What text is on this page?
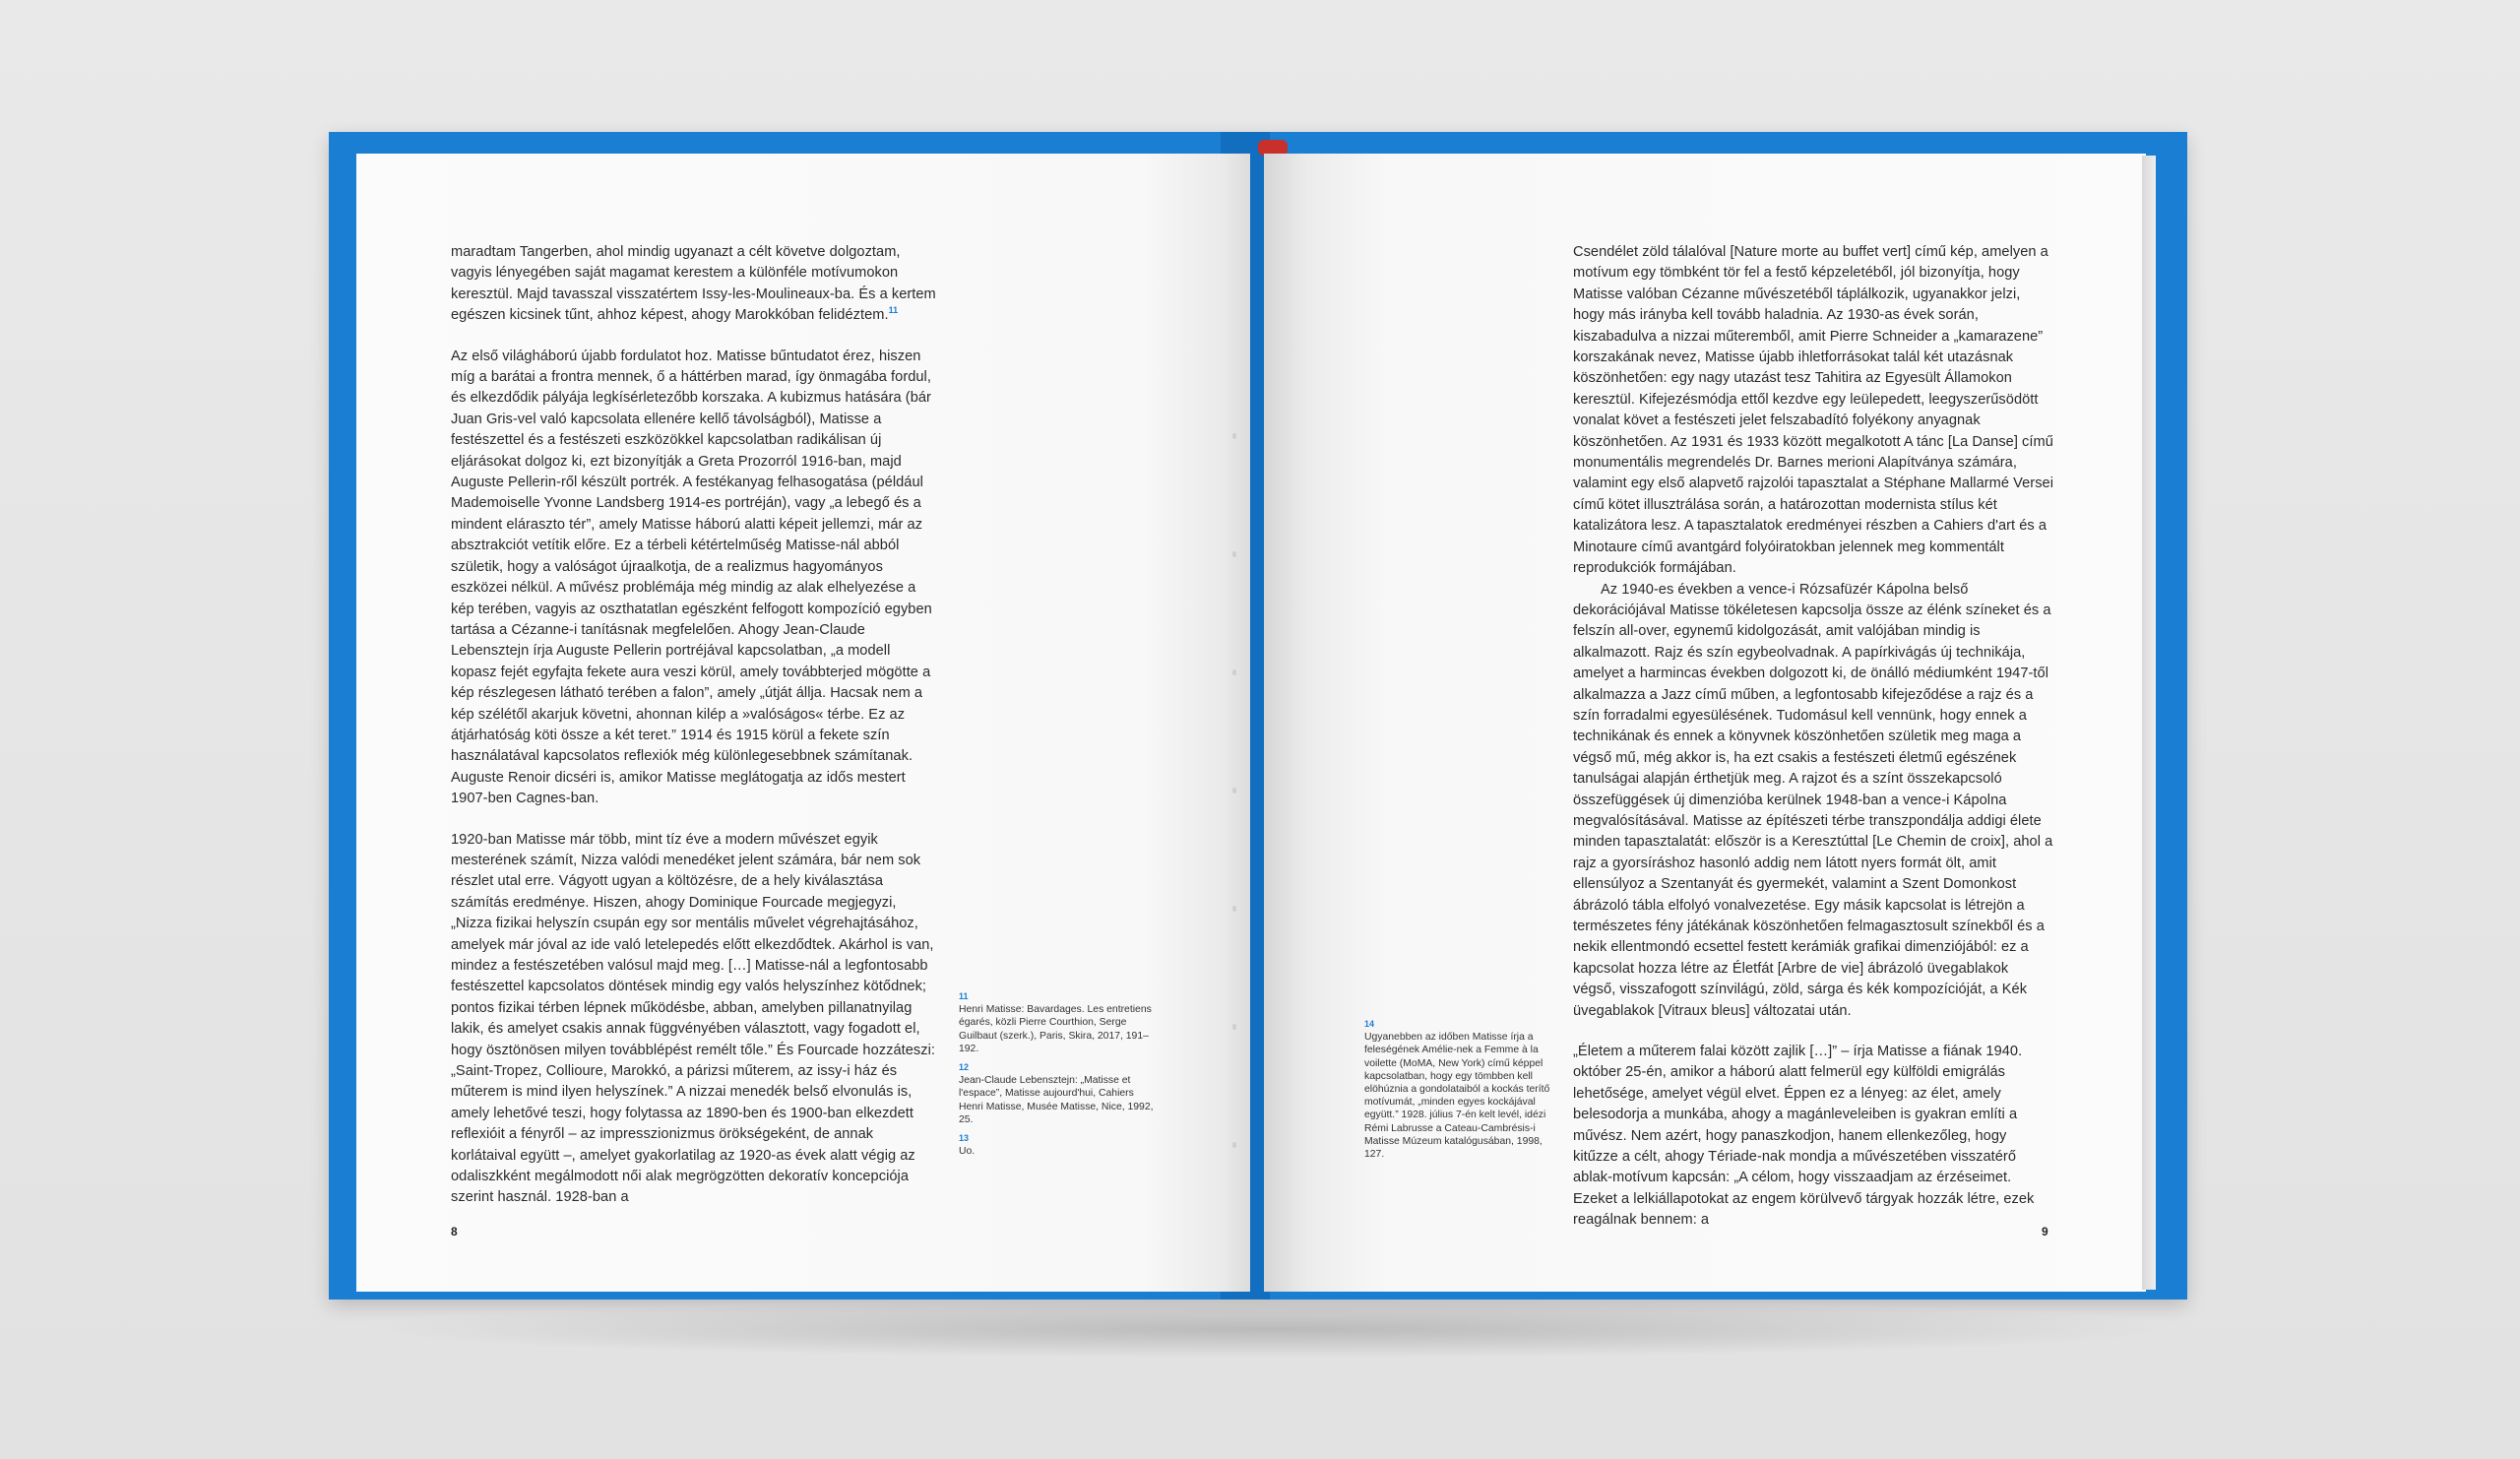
maradtam Tangerben, ahol mindig ugyanazt a célt követve dolgoztam, vagyis lényegében saját magamat kerestem a különféle motívumokon keresztül. Majd tavasszal visszatértem Issy-les-Moulineaux-ba. És a kertem egészen kicsinek tűnt, ahhoz képest, ahogy Marokkóban felidéztem.$^{11}$

Az első világháború újabb fordulatot hoz. Matisse bűntudatot érez, hiszen míg a barátai a frontra mennek, ő a háttérben marad, így önmagába fordul, és elkezdődik pályája legkísérletezőbb korszaka. A kubizmus hatására (bár Juan Gris-vel való kapcsolata ellenére kellő távolságból), Matisse a festészettel és a festészeti eszközökkel kapcsolatban radikálisan új eljárásokat dolgoz ki, ezt bizonyítják a Greta Prozorról 1916-ban, majd Auguste Pellerin-ről készült portrék. A festékanyag felhasogatása (például Mademoiselle Yvonne Landsberg 1914-es portréján), vagy „a lebegő és a mindent eláraszto tér”, amely Matisse háború alatti képeit jellemzi, már az absztrakciót vetítik előre. Ez a térbeli kétértelműség Matisse-nál abból születik, hogy a valóságot újraalkotja, de a realizmus hagyományos eszközei nélkül. A művész problémája még mindig az alak elhelyezése a kép terében, vagyis az oszthatatlan egészként felfogott kompozíció egyben tartása a Cézanne-i tanításnak megfelelően. Ahogy Jean-Claude Lebensztejn írja Auguste Pellerin portréjával kapcsolatban, „a modell kopasz fejét egyfajta fekete aura veszi körül, amely továbbterjed mögötte a kép részlegesen látható terében a falon”, amely „útját állja. Hacsak nem a kép szélétől akarjuk követni, ahonnan kilép a »valóságos« térbe. Ez az átjárhatóság köti össze a két teret.” 1914 és 1915 körül a fekete szín használatával kapcsolatos reflexiók még különlegesebbnek számítanak. Auguste Renoir dicséri is, amikor Matisse meglátogatja az idős mestert 1907-ben Cagnes-ban.

1920-ban Matisse már több, mint tíz éve a modern művészet egyik mesterének számít, Nizza valódi menedéket jelent számára, bár nem sok részlet utal erre. Vágyott ugyan a költözésre, de a hely kiválasztása számítás eredménye. Hiszen, ahogy Dominique Fourcade megjegyzi, „Nizza fizikai helyszín csupán egy sor mentális művelet végrehajtásához, amelyek már jóval az ide való letelepedés előtt elkezdődtek. Akárhol is van, mindez a festészetében valósul majd meg. […] Matisse-nál a legfontosabb festészettel kapcsolatos döntések mindig egy valós helyszínhez kötődnek; pontos fizikai térben lépnek működésbe, abban, amelyben pillanatnyilag lakik, és amelyet csakis annak függvényében választott, vagy fogadott el, hogy ösztönösen milyen továbblépést remélt tőle.” És Fourcade hozzáteszi: „Saint-Tropez, Collioure, Marokkó, a párizsi műterem, az issy-i ház és műterem is mind ilyen helyszínek.” A nizzai menedék belső elvonulás is, amely lehetővé teszi, hogy folytassa az 1890-ben és 1900-ban elkezdett reflexióit a fényről – az impresszionizmus örökségeként, de annak korlátaival együtt –, amelyet gyakorlatilag az 1920-as évek alatt végig az odaliszkként megálmodott női alak megrögzötten dekoratív koncepciója szerint használ. 1928-ban a

11
Henri Matisse: Bavardages. Les entretiens égarés, közli Pierre Courthion, Serge Guilbaut (szerk.), Paris, Skira, 2017, 191–192.
12
Jean-Claude Lebensztejn: „Matisse et l'espace”, Matisse aujourd'hui, Cahiers Henri Matisse, Musée Matisse, Nice, 1992, 25.
13
Uo.
8

Csendélet zöld tálalóval [Nature morte au buffet vert] című kép, amelyen a motívum egy tömbként tör fel a festő képzeletéből, jól bizonyítja, hogy Matisse valóban Cézanne művészetéből táplálkozik, ugyanakkor jelzi, hogy más irányba kell tovább haladnia. Az 1930-as évek során, kiszabadulva a nizzai műteremből, amit Pierre Schneider a „kamarazene” korszakának nevez, Matisse újabb ihletforrásokat talál két utazásnak köszönhetően: egy nagy utazást tesz Tahitira az Egyesült Államokon keresztül. Kifejezésmódja ettől kezdve egy leülepedett, leegyszerűsödött vonalat követ a festészeti jelet felszabadító folyékony anyagnak köszönhetően. Az 1931 és 1933 között megalkotott A tánc [La Danse] című monumentális megrendelés Dr. Barnes merioni Alapítványa számára, valamint egy első alapvető rajzolói tapasztalat a Stéphane Mallarmé Versei című kötet illusztrálása során, a határozottan modernista stílus két katalizátora lesz. A tapasztalatok eredményei részben a Cahiers d'art és a Minotaure című avantgárd folyóiratokban jelennek meg kommentált reprodukciók formájában.

Az 1940-es években a vence-i Rózsafüzér Kápolna belső dekorációjával Matisse tökéletesen kapcsolja össze az élénk színeket és a felszín all-over, egynemű kidolgozását, amit valójában mindig is alkalmazott. Rajz és szín egybeolvadnak. A papírkivágás új technikája, amelyet a harmincas években dolgozott ki, de önálló médiumként 1947-től alkalmazza a Jazz című műben, a legfontosabb kifejeződése a rajz és a szín forradalmi egyesülésének. Tudomásul kell vennünk, hogy ennek a technikának és ennek a könyvnek köszönhetően születik meg maga a végső mű, még akkor is, ha ezt csakis a festészeti életmű egészének tanulságai alapján érthetjük meg. A rajzot és a színt összekapcsoló összefüggések új dimenzióba kerülnek 1948-ban a vence-i Kápolna megvalósításával. Matisse az építészeti térbe transzpondálja addigi élete minden tapasztalatát: először is a Keresztúttal [Le Chemin de croix], ahol a rajz a gyorsíráshoz hasonló addig nem látott nyers formát ölt, amit ellensúlyoz a Szentanyát és gyermekét, valamint a Szent Domonkost ábrázoló tábla elfolyó vonalvezetése. Egy másik kapcsolat is létrejön a természetes fény játékának köszönhetően felmagasztosult színekből és a nekik ellentmondó ecsettel festett kerámiák grafikai dimenziójából: ez a kapcsolat hozza létre az Életfát [Arbre de vie] ábrázoló üvegablakok végső, visszafogott színvilágú, zöld, sárga és kék kompozícióját, a Kék üvegablakok [Vitraux bleus] változatai után.

„Életem a műterem falai között zajlik […]” – írja Matisse a fiának 1940. október 25-én, amikor a háború alatt felmerül egy külföldi emigrálás lehetősége, amelyet végül elvet. Éppen ez a lényeg: az élet, amely belesodorja a munkába, ahogy a magánleveleiben is gyakran említi a művész. Nem azért, hogy panaszkodjon, hanem ellenkezőleg, hogy kitűzze a célt, ahogy Tériade-nak mondja a művészetében visszatérő ablak-motívum kapcsán: „A célom, hogy visszaadjam az érzéseimet. Ezeket a lelkiállapotokat az engem körülvevő tárgyak hozzák létre, ezek reagálnak bennem: a

14
Ugyanebben az időben Matisse írja a feleségének Amélie-nek a Femme à la voilette (MoMA, New York) című képpel kapcsolatban, hogy egy tömbben kell elöhúznia a gondolataiból a kockás terítő motívumát, „minden egyes kockájával együtt.” 1928. július 7-én kelt levél, idézi Rémi Labrusse a Cateau-Cambrésis-i Matisse Múzeum katalógusában, 1998, 127.
9
